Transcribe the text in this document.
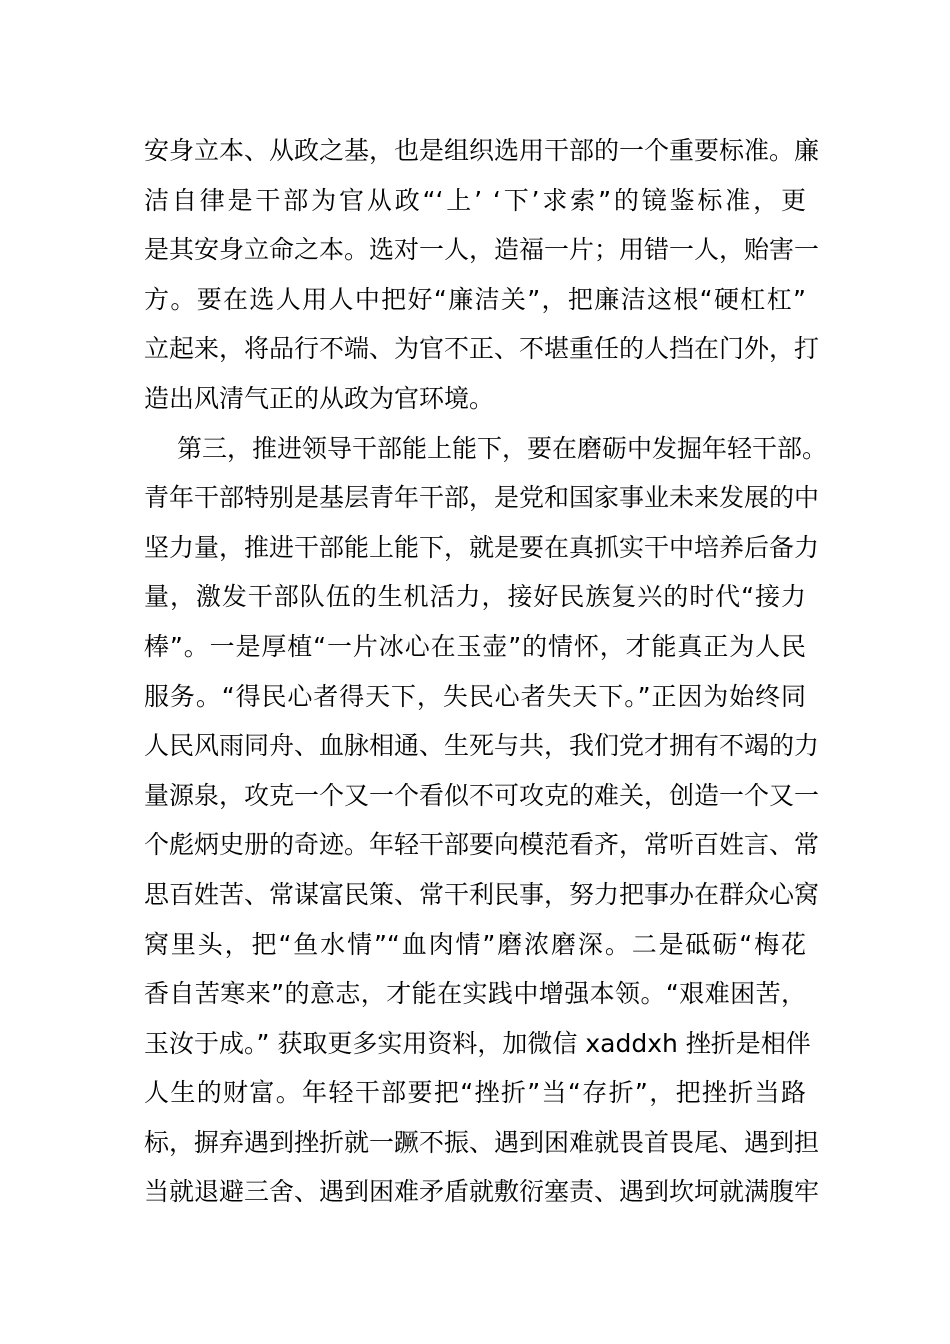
安身立本、从政之基，也是组织选用干部的一个重要标准。廉
洁自律是干部为官从政“‘上’ ‘下’求索”的镜鉴标准，更
是其安身立命之本。选对一人，造福一片；用错一人，贻害一
方。要在选人用人中把好“廉洁关”，把廉洁这根“硬杠杠”
立起来，将品行不端、为官不正、不堪重任的人挡在门外，打
造出风清气正的从政为官环境。
第三，推进领导干部能上能下，要在磨砺中发掘年轻干部。
青年干部特别是基层青年干部，是党和国家事业未来发展的中
坚力量，推进干部能上能下，就是要在真抓实干中培养后备力
量，激发干部队伍的生机活力，接好民族复兴的时代“接力
棒”。一是厚植“一片冰心在玉壶”的情怀，才能真正为人民
服务。“得民心者得天下，失民心者失天下。”正因为始终同
人民风雨同舟、血脉相通、生死与共，我们党才拥有不竭的力
量源泉，攻克一个又一个看似不可攻克的难关，创造一个又一
个彪炳史册的奇迹。年轻干部要向模范看齐，常听百姓言、常
思百姓苦、常谋富民策、常干利民事，努力把事办在群众心窝
窝里头，把“鱼水情”“血肉情”磨浓磨深。二是砥砺“梅花
香自苦寒来”的意志，才能在实践中增强本领。“艰难困苦，
玉汝于成。” 获取更多实用资料，加微信 xaddxh 挫折是相伴
人生的财富。年轻干部要把“挫折”当“存折”，把挫折当路
标，摒弃遇到挫折就一蹶不振、遇到困难就畏首畏尾、遇到担
当就退避三舍、遇到困难矛盾就敷衍塞责、遇到坎坷就满腹牢
